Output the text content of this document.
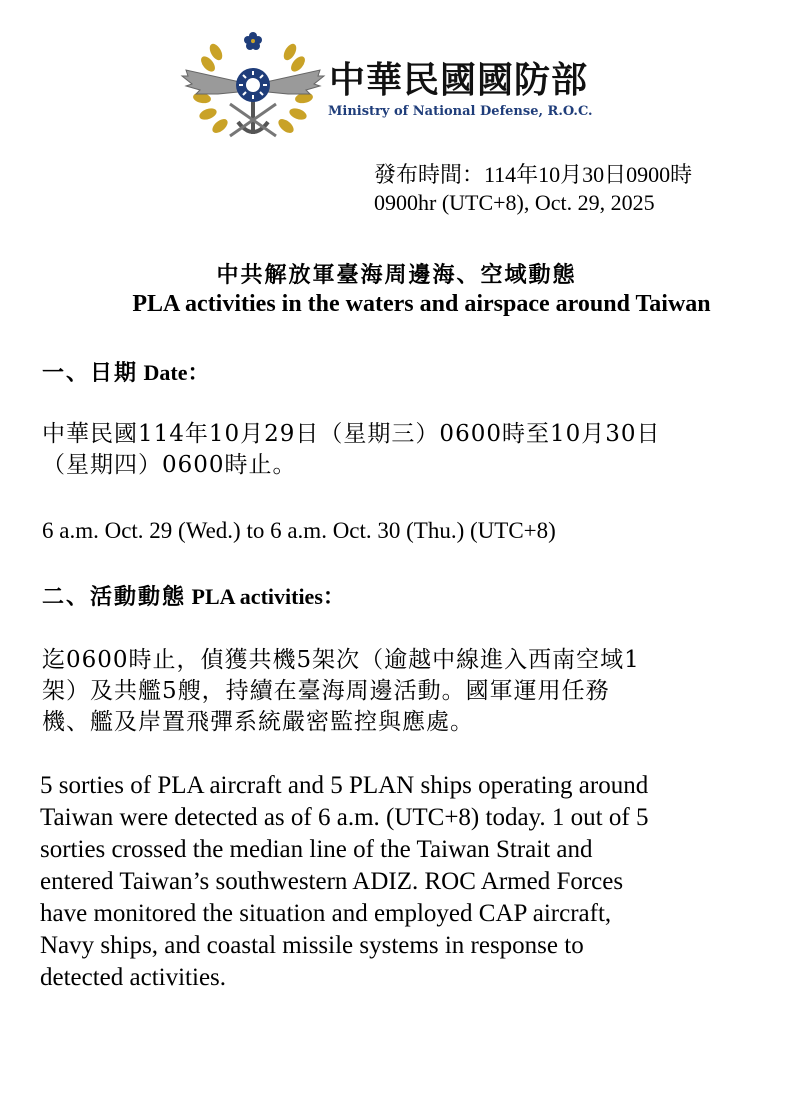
中華民國國防部
Ministry of National Defense, R.O.C.
發布時間：114年10月30日0900時
0900hr (UTC+8), Oct. 29, 2025
中共解放軍臺海周邊海、空域動態
PLA activities in the waters and airspace around Taiwan
一、日期 Date：
中華民國114年10月29日（星期三）0600時至10月30日
（星期四）0600時止。
6 a.m. Oct. 29 (Wed.) to 6 a.m. Oct. 30 (Thu.) (UTC+8)
二、活動動態 PLA activities：
迄0600時止，偵獲共機5架次（逾越中線進入西南空域1
架）及共艦5艘，持續在臺海周邊活動。國軍運用任務
機、艦及岸置飛彈系統嚴密監控與應處。
5 sorties of PLA aircraft and 5 PLAN ships operating around
Taiwan were detected as of 6 a.m. (UTC+8) today. 1 out of 5
sorties crossed the median line of the Taiwan Strait and
entered Taiwan’s southwestern ADIZ. ROC Armed Forces
have monitored the situation and employed CAP aircraft,
Navy ships, and coastal missile systems in response to
detected activities.
